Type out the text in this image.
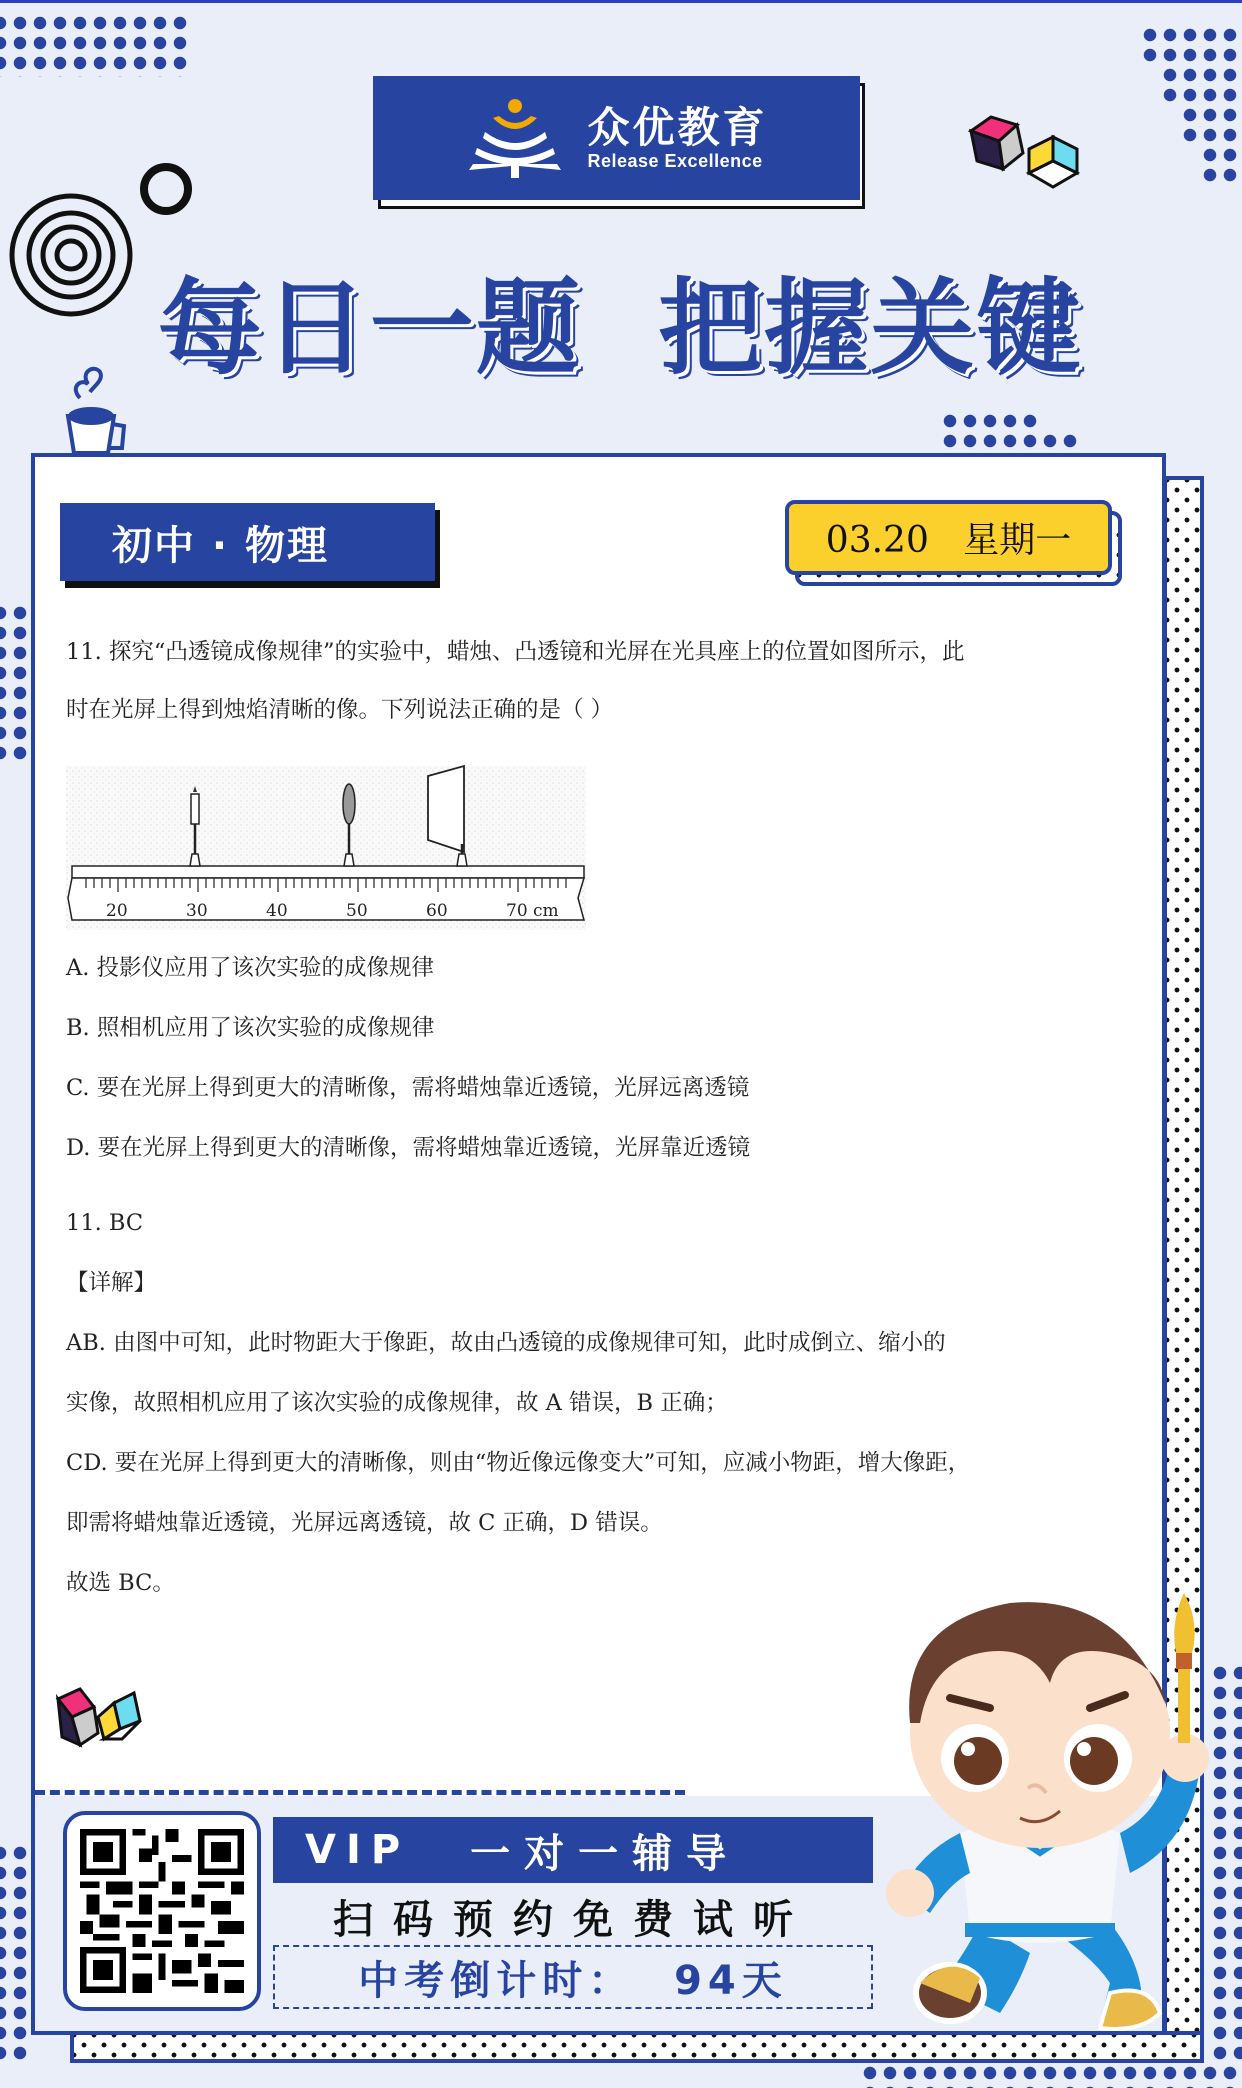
众优教育
Release Excellence
每日一题  把握关键
初中 · 物理	03.20   星期一
11. 探究“凸透镜成像规律”的实验中，蜡烛、凸透镜和光屏在光具座上的位置如图所示，此
时在光屏上得到烛焰清晰的像。下列说法正确的是（ ）
20	30	40	50	60	70 cm
A. 投影仪应用了该次实验的成像规律
B. 照相机应用了该次实验的成像规律
C. 要在光屏上得到更大的清晰像，需将蜡烛靠近透镜，光屏远离透镜
D. 要在光屏上得到更大的清晰像，需将蜡烛靠近透镜，光屏靠近透镜
11. BC
【详解】
AB. 由图中可知，此时物距大于像距，故由凸透镜的成像规律可知，此时成倒立、缩小的
实像，故照相机应用了该次实验的成像规律，故 A 错误，B 正确；
CD. 要在光屏上得到更大的清晰像，则由“物近像远像变大”可知，应减小物距，增大像距，
即需将蜡烛靠近透镜，光屏远离透镜，故 C 正确，D 错误。
故选 BC。
VIP 一对一辅导
扫码预约免费试听
中考倒计时：  94天
